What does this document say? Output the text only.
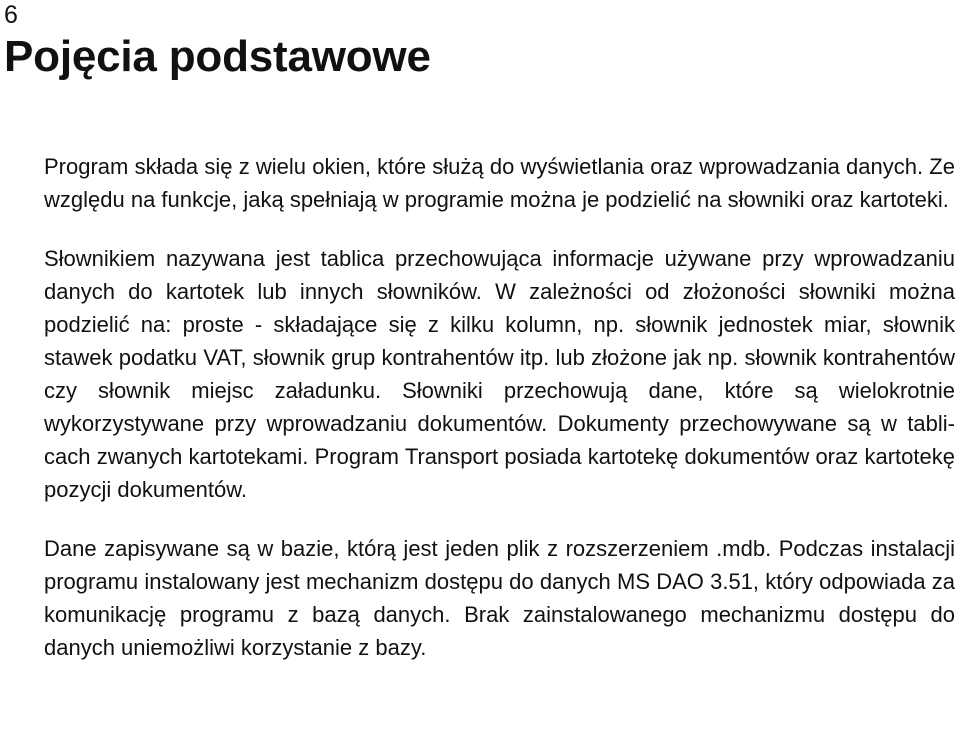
6
Pojęcia podstawowe

Program składa się z wielu okien, które służą do wyświetlania oraz wprowadzania danych. Ze względu na funkcje, jaką spełniają w programie można je podzielić na słowniki oraz kartoteki.

Słownikiem nazywana jest tablica przechowująca informacje używane przy wprowadzaniu danych do kartotek lub innych słowników. W zależności od złożoności słowniki można podzielić na: proste - składające się z kilku kolumn, np. słownik jednostek miar, słownik stawek podatku VAT, słownik grup kontrahentów itp. lub złożone jak np. słownik kontrahentów czy słownik miejsc załadunku. Słowniki przechowują dane, które są wielokrotnie wykorzystywane przy wprowadzaniu dokumentów. Dokumenty przechowywane są w tablicach zwanych kartotekami. Program Transport posiada kartotekę dokumentów oraz kartotekę pozycji dokumentów.

Dane zapisywane są w bazie, którą jest jeden plik z rozszerzeniem .mdb. Podczas instalacji programu instalowany jest mechanizm dostępu do danych MS DAO 3.51, który odpowiada za komunikację programu z bazą danych. Brak zainstalowanego mechanizmu dostępu do danych uniemożliwi korzystanie z bazy.
